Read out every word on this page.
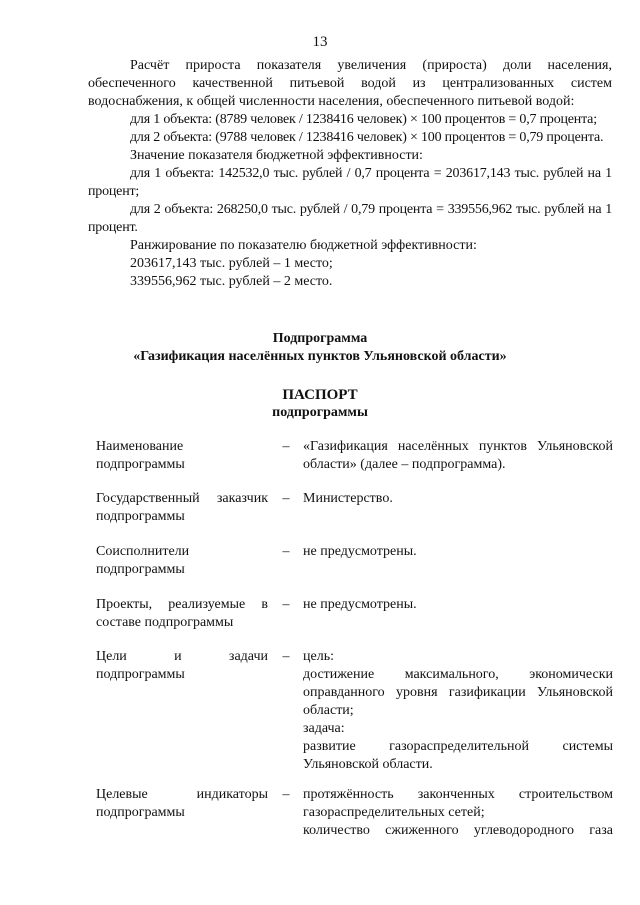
13

Расчёт прироста показателя увеличения (прироста) доли населения, обеспеченного качественной питьевой водой из централизованных систем водоснабжения, к общей численности населения, обеспеченного питьевой водой:

для 1 объекта: (8789 человек / 1238416 человек) × 100 процентов = 0,7 процента;

для 2 объекта: (9788 человек / 1238416 человек) × 100 процентов = 0,79 процента.

Значение показателя бюджетной эффективности:

для 1 объекта: 142532,0 тыс. рублей / 0,7 процента = 203617,143 тыс. рублей на 1 процент;

для 2 объекта: 268250,0 тыс. рублей / 0,79 процента = 339556,962 тыс. рублей на 1 процент.

Ранжирование по показателю бюджетной эффективности:

203617,143 тыс. рублей – 1 место;

339556,962 тыс. рублей – 2 место.

Подпрограмма
«Газификация населённых пунктов Ульяновской области»
ПАСПОРТ
подпрограммы
Наименование подпрограммы
– «Газификация населённых пунктов Ульяновской области» (далее – подпрограмма).

Государственный заказчик подпрограммы
– Министерство.

Соисполнители подпрограммы
– не предусмотрены.

Проекты, реализуемые в составе подпрограммы
– не предусмотрены.

Цели и задачи подпрограммы
– цель:

достижение максимального, экономически оправданного уровня газификации Ульяновской области;

задача:

развитие газораспределительной системы Ульяновской области.

Целевые индикаторы подпрограммы
– протяжённость законченных строительством газораспределительных сетей;

количество сжиженного углеводородного газа
